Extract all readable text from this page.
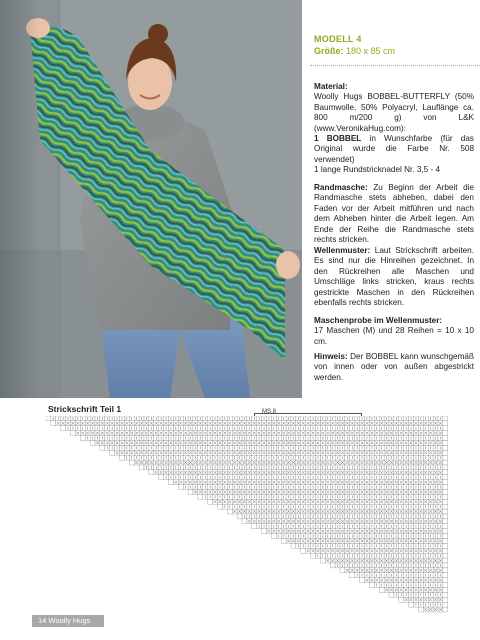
MODELL 4
Größe: 180 x 85 cm
Material:
Woolly Hugs BOBBEL-BUTTERFLY (50% Baumwolle, 50% Polyacryl, Lauflänge ca. 800 m/200 g) von L&K (www.VeronikaHug.com):
1 BOBBEL in Wunschfarbe (für das Original wurde die Farbe Nr. 508 verwendet)
1 lange Rundstricknadel Nr. 3,5 - 4
Randmasche: Zu Beginn der Arbeit die Randmasche stets abheben, dabei den Faden vor der Arbeit mitführen und nach dem Abheben hinter die Arbeit legen. Am Ende der Reihe die Randmasche stets rechts stricken.
Wellenmuster: Laut Strickschrift arbeiten. Es sind nur die Hinreihen gezeichnet. In den Rückreihen alle Maschen und Umschläge links stricken, kraus rechts gestrickte Maschen in den Rückreihen ebenfalls rechts stricken.
Maschenprobe im Wellenmuster:
17 Maschen (M) und 28 Reihen = 10 x 10 cm.
Hinweis: Der BOBBEL kann wunschgemäß von innen oder von außen abgestrickt werden.
Strickschrift Teil 1	MS 8
14 Woolly Hugs
